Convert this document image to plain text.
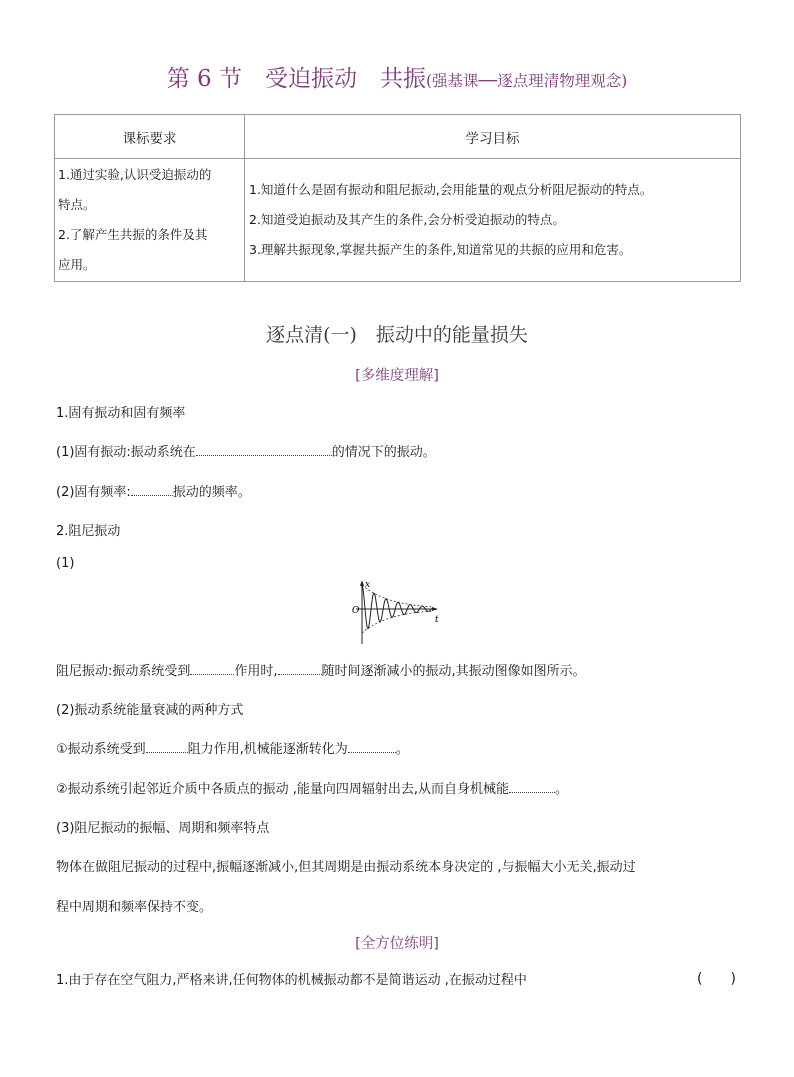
第 6 节　受迫振动　共振(强基课──逐点理清物理观念)
课标要求	学习目标

1.通过实验,认识受迫振动的
特点。
2.了解产生共振的条件及其
应用。	1.知道什么是固有振动和阻尼振动,会用能量的观点分析阻尼振动的特点。
2.知道受迫振动及其产生的条件,会分析受迫振动的特点。
3.理解共振现象,掌握共振产生的条件,知道常见的共振的应用和危害。
逐点清(一)　振动中的能量损失
[多维度理解]
1.固有振动和固有频率
(1)固有振动:振动系统在	的情况下的振动。
(2)固有频率:	振动的频率。
2.阻尼振动
(1)
x
t
O
阻尼振动:振动系统受到	作用时,	随时间逐渐减小的振动,其振动图像如图所示。
(2)振动系统能量衰减的两种方式
①振动系统受到	阻力作用,机械能逐渐转化为	。
②振动系统引起邻近介质中各质点的振动 ,能量向四周辐射出去,从而自身机械能	。
(3)阻尼振动的振幅、周期和频率特点
物体在做阻尼振动的过程中,振幅逐渐减小,但其周期是由振动系统本身决定的 ,与振幅大小无关,振动过
程中周期和频率保持不变。
[全方位练明]
1.由于存在空气阻力,严格来讲,任何物体的机械振动都不是简谐运动 ,在振动过程中	(　　)
